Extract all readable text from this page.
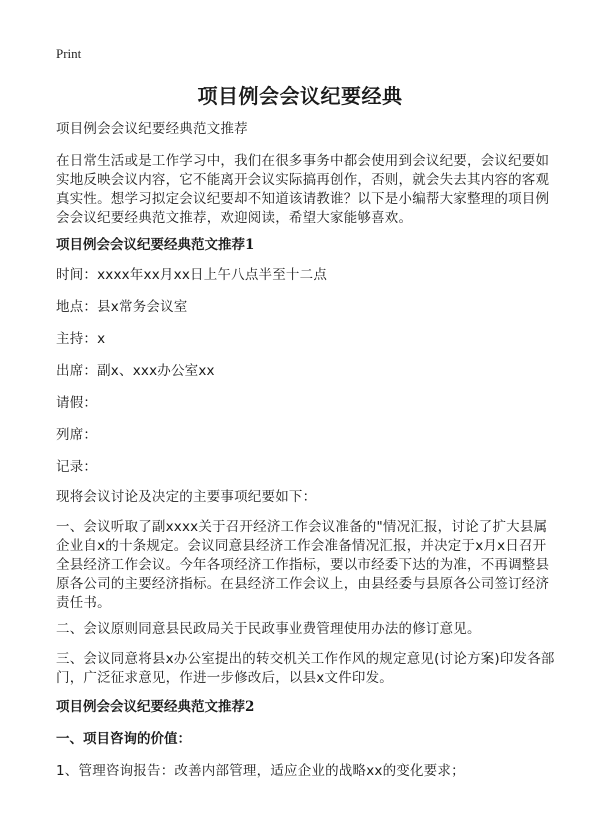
Print
项目例会会议纪要经典

项目例会会议纪要经典范文推荐

在日常生活或是工作学习中，我们在很多事务中都会使用到会议纪要，会议纪要如实地反映会议内容，它不能离开会议实际搞再创作，否则，就会失去其内容的客观真实性。想学习拟定会议纪要却不知道该请教谁？以下是小编帮大家整理的项目例会会议纪要经典范文推荐，欢迎阅读，希望大家能够喜欢。

项目例会会议纪要经典范文推荐1

时间：xxxx年xx月xx日上午八点半至十二点

地点：县x常务会议室

主持：x

出席：副x、xxx办公室xx

请假：

列席：

记录：

现将会议讨论及决定的主要事项纪要如下：

一、会议听取了副xxxx关于召开经济工作会议准备的"情况汇报，讨论了扩大县属企业自x的十条规定。会议同意县经济工作会准备情况汇报，并决定于x月x日召开全县经济工作会议。今年各项经济工作指标，要以市经委下达的为准，不再调整县原各公司的主要经济指标。在县经济工作会议上，由县经委与县原各公司签订经济责任书。

二、会议原则同意县民政局关于民政事业费管理使用办法的修订意见。

三、会议同意将县x办公室提出的转交机关工作作风的规定意见(讨论方案)印发各部门，广泛征求意见，作进一步修改后，以县x文件印发。

项目例会会议纪要经典范文推荐2

一、项目咨询的价值：

1、管理咨询报告：改善内部管理，适应企业的战略xx的变化要求；
